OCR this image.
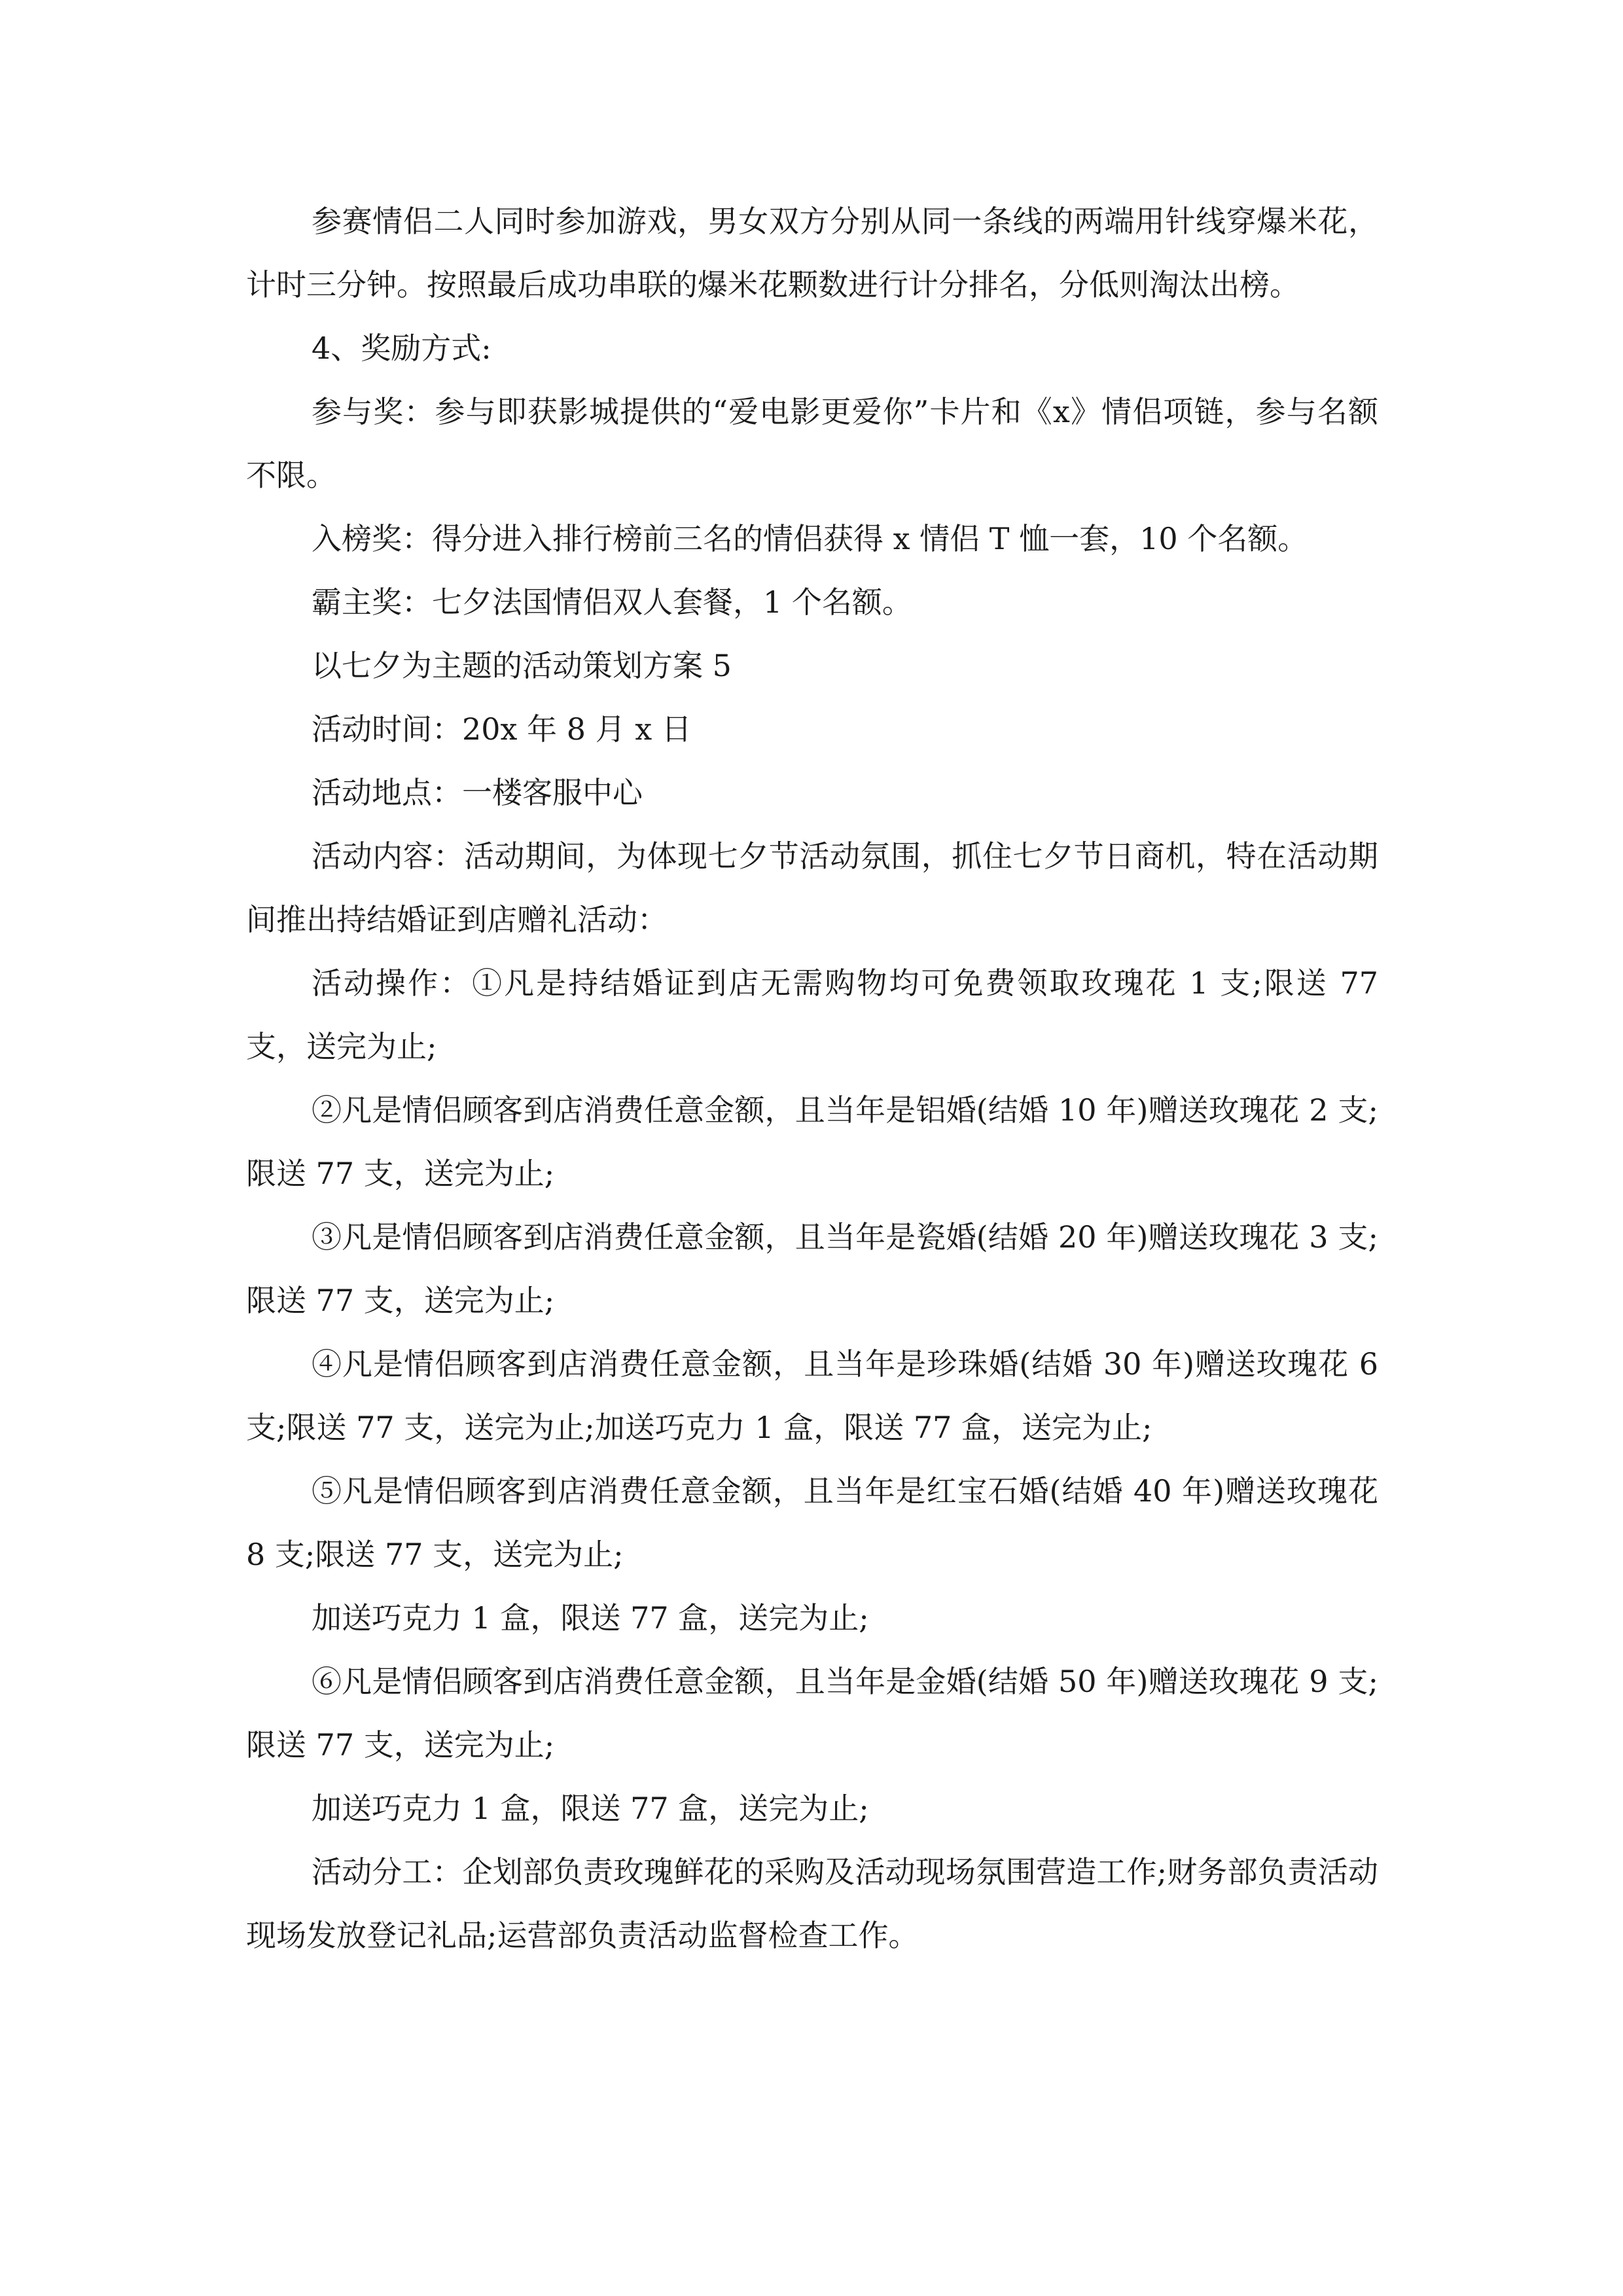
参赛情侣二人同时参加游戏，男女双方分别从同一条线的两端用针线穿爆米花，计时三分钟。按照最后成功串联的爆米花颗数进行计分排名，分低则淘汰出榜。

4、奖励方式:

参与奖：参与即获影城提供的“爱电影更爱你”卡片和《x》情侣项链，参与名额不限。

入榜奖：得分进入排行榜前三名的情侣获得 x 情侣 T 恤一套，10 个名额。

霸主奖：七夕法国情侣双人套餐，1 个名额。

以七夕为主题的活动策划方案 5

活动时间：20x 年 8 月 x 日

活动地点：一楼客服中心

活动内容：活动期间，为体现七夕节活动氛围，抓住七夕节日商机，特在活动期间推出持结婚证到店赠礼活动：

活动操作：①凡是持结婚证到店无需购物均可免费领取玫瑰花 1 支;限送 77 支，送完为止;

②凡是情侣顾客到店消费任意金额，且当年是铝婚(结婚 10 年)赠送玫瑰花 2 支;限送 77 支，送完为止;

③凡是情侣顾客到店消费任意金额，且当年是瓷婚(结婚 20 年)赠送玫瑰花 3 支;限送 77 支，送完为止;

④凡是情侣顾客到店消费任意金额，且当年是珍珠婚(结婚 30 年)赠送玫瑰花 6 支;限送 77 支，送完为止;加送巧克力 1 盒，限送 77 盒，送完为止;

⑤凡是情侣顾客到店消费任意金额，且当年是红宝石婚(结婚 40 年)赠送玫瑰花 8 支;限送 77 支，送完为止;

加送巧克力 1 盒，限送 77 盒，送完为止;

⑥凡是情侣顾客到店消费任意金额，且当年是金婚(结婚 50 年)赠送玫瑰花 9 支;限送 77 支，送完为止;

加送巧克力 1 盒，限送 77 盒，送完为止;

活动分工：企划部负责玫瑰鲜花的采购及活动现场氛围营造工作;财务部负责活动现场发放登记礼品;运营部负责活动监督检查工作。
